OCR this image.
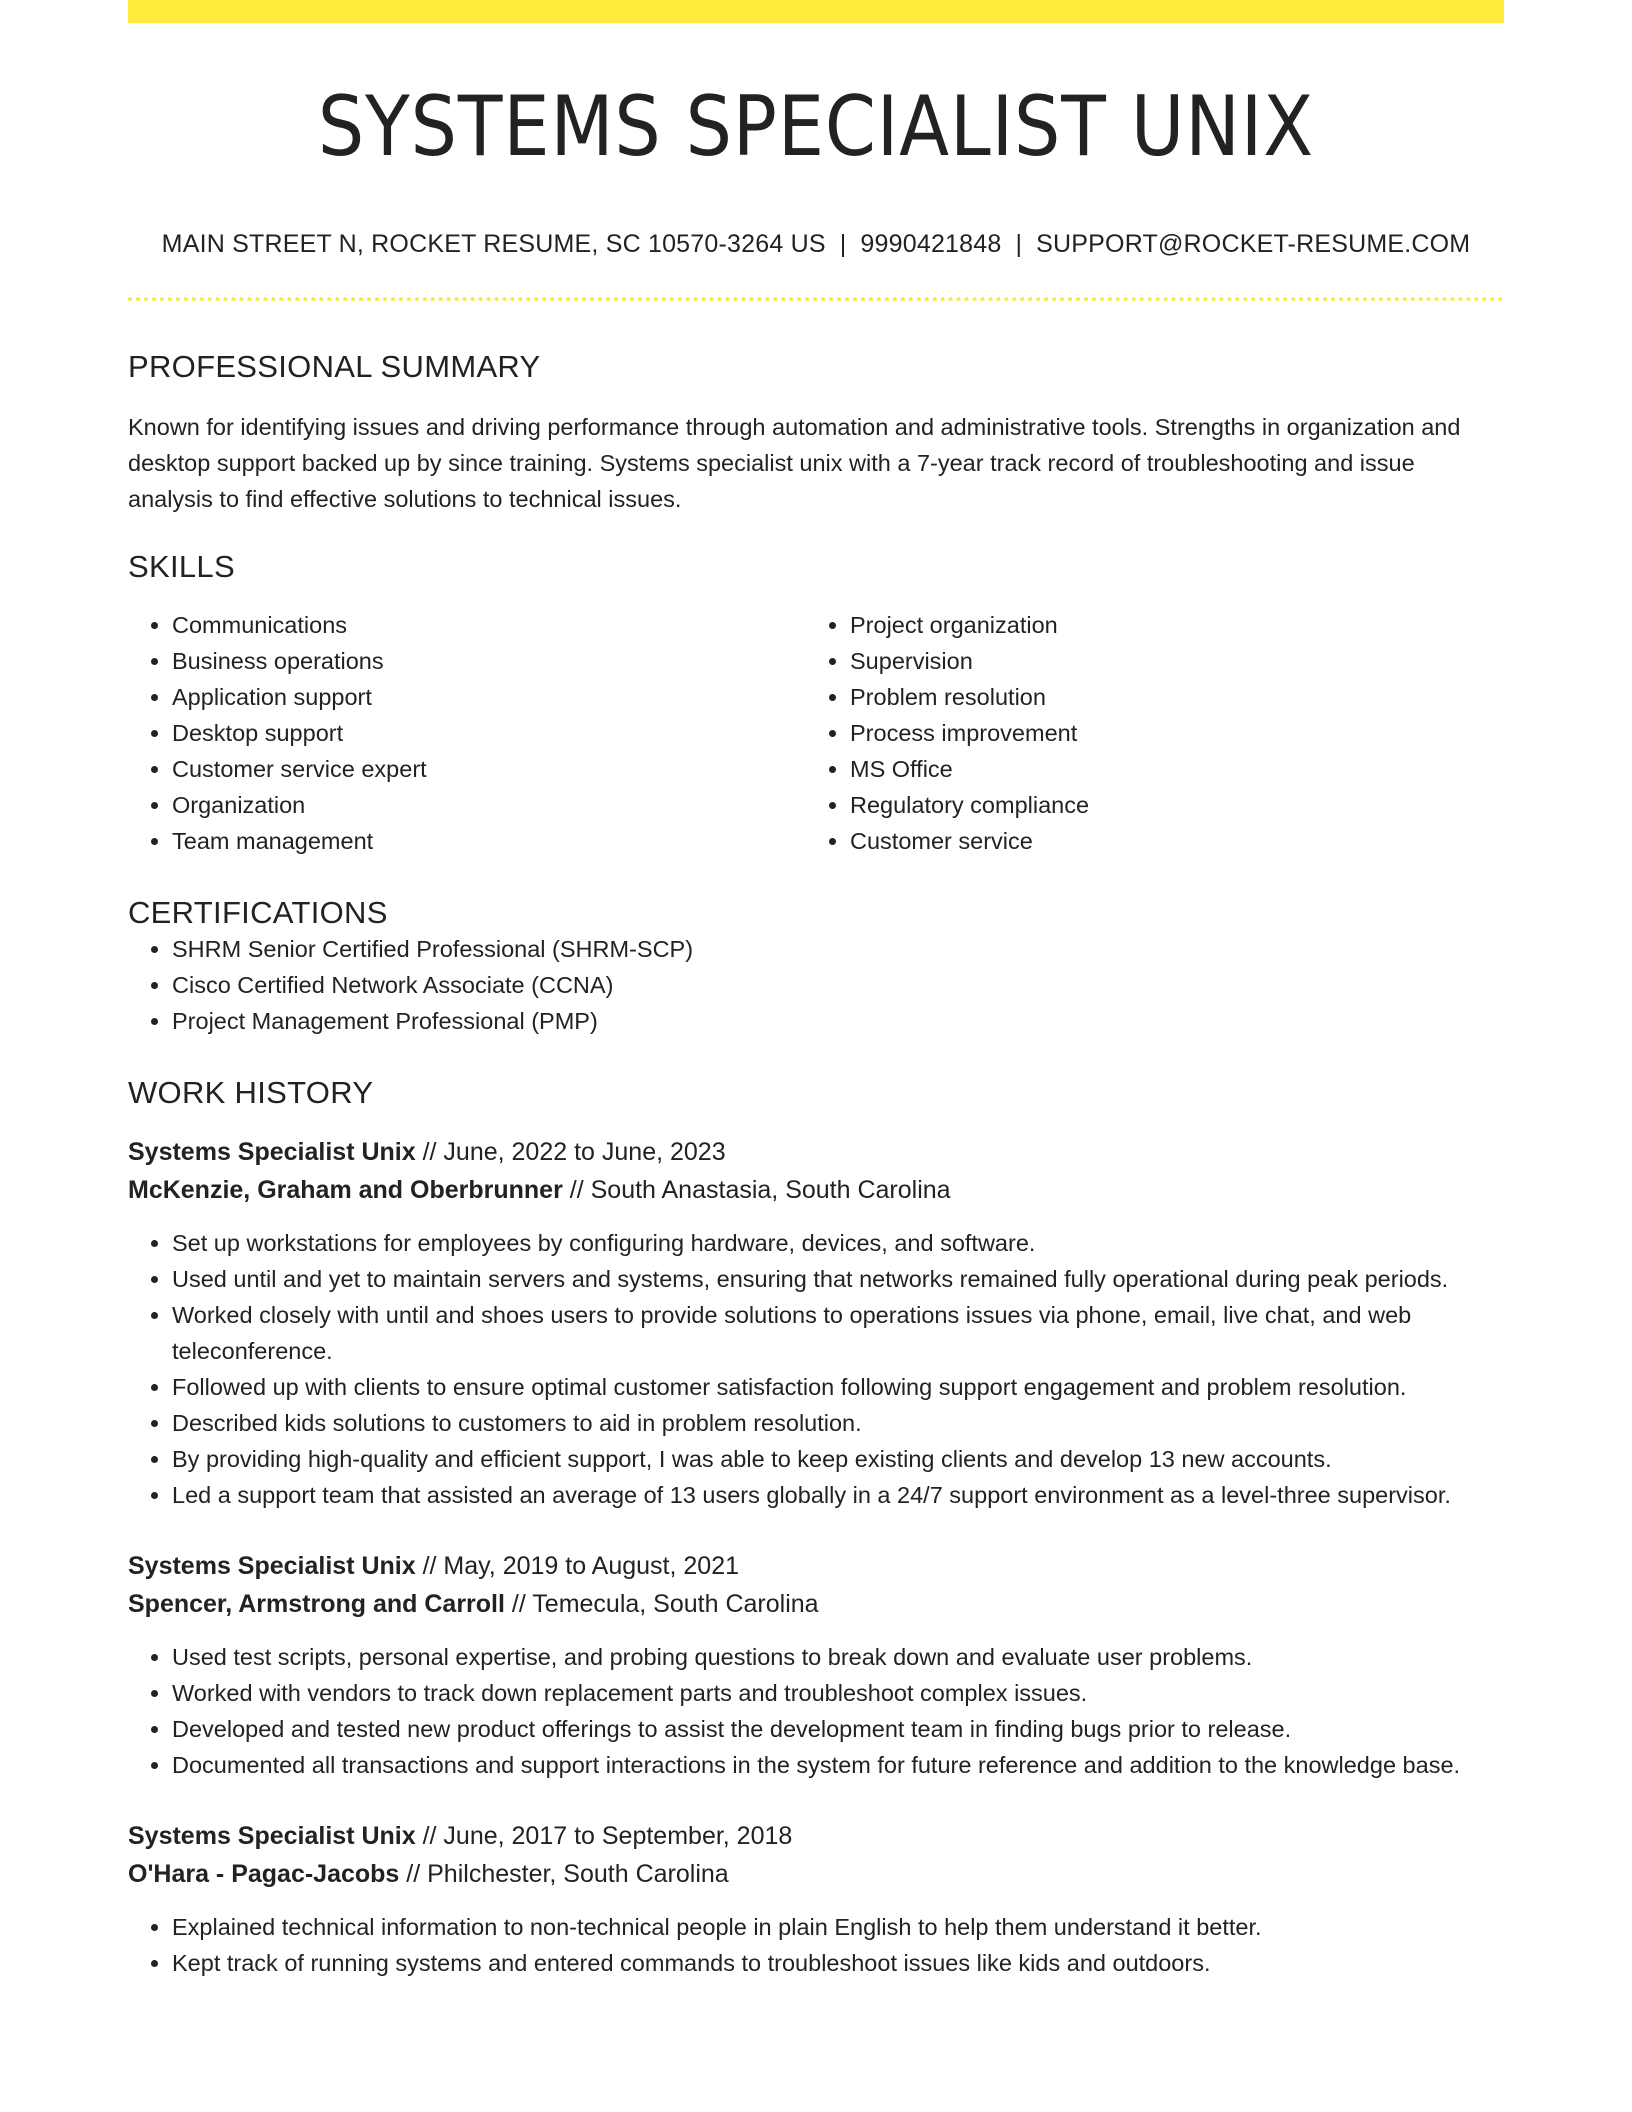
SYSTEMS SPECIALIST UNIX
MAIN STREET N, ROCKET RESUME, SC 10570-3264 US | 9990421848 | SUPPORT@ROCKET-RESUME.COM
PROFESSIONAL SUMMARY

Known for identifying issues and driving performance through automation and administrative tools. Strengths in organization and desktop support backed up by since training. Systems specialist unix with a 7-year track record of troubleshooting and issue analysis to find effective solutions to technical issues.

SKILLS
• Communications
• Business operations
• Application support
• Desktop support
• Customer service expert
• Organization
• Team management
• Project organization
• Supervision
• Problem resolution
• Process improvement
• MS Office
• Regulatory compliance
• Customer service
CERTIFICATIONS
• SHRM Senior Certified Professional (SHRM-SCP)
• Cisco Certified Network Associate (CCNA)
• Project Management Professional (PMP)
WORK HISTORY
Systems Specialist Unix // June, 2022 to June, 2023
McKenzie, Graham and Oberbrunner // South Anastasia, South Carolina
• Set up workstations for employees by configuring hardware, devices, and software.
• Used until and yet to maintain servers and systems, ensuring that networks remained fully operational during peak periods.
• Worked closely with until and shoes users to provide solutions to operations issues via phone, email, live chat, and web teleconference.
• Followed up with clients to ensure optimal customer satisfaction following support engagement and problem resolution.
• Described kids solutions to customers to aid in problem resolution.
• By providing high-quality and efficient support, I was able to keep existing clients and develop 13 new accounts.
• Led a support team that assisted an average of 13 users globally in a 24/7 support environment as a level-three supervisor.
Systems Specialist Unix // May, 2019 to August, 2021
Spencer, Armstrong and Carroll // Temecula, South Carolina
• Used test scripts, personal expertise, and probing questions to break down and evaluate user problems.
• Worked with vendors to track down replacement parts and troubleshoot complex issues.
• Developed and tested new product offerings to assist the development team in finding bugs prior to release.
• Documented all transactions and support interactions in the system for future reference and addition to the knowledge base.
Systems Specialist Unix // June, 2017 to September, 2018
O'Hara - Pagac-Jacobs // Philchester, South Carolina
• Explained technical information to non-technical people in plain English to help them understand it better.
• Kept track of running systems and entered commands to troubleshoot issues like kids and outdoors.
